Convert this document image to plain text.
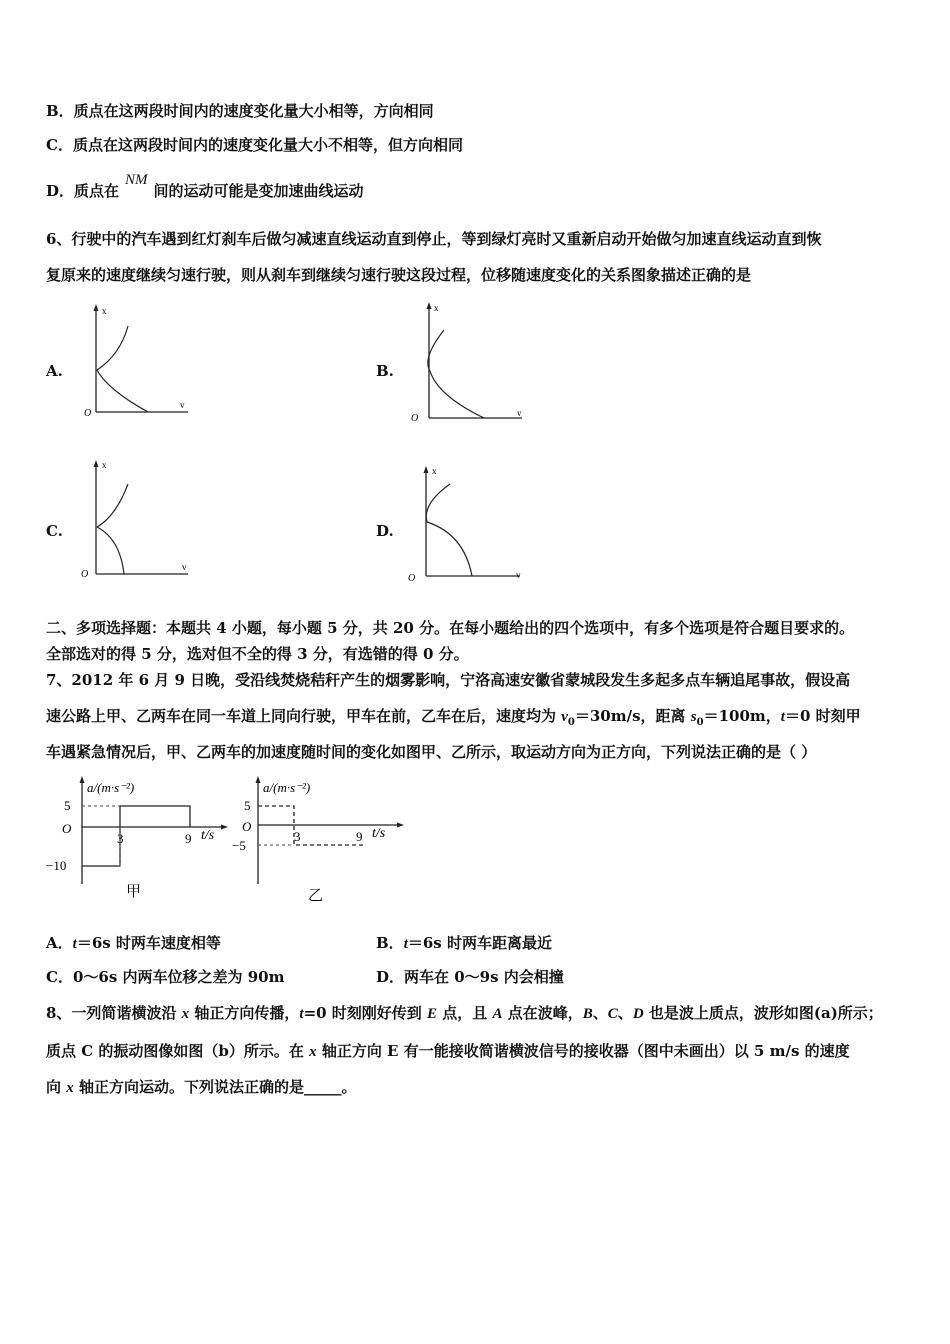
B．质点在这两段时间内的速度变化量大小相等，方向相同
C．质点在这两段时间内的速度变化量大小不相等，但方向相同
D．质点在NM间的运动可能是变加速曲线运动
6、行驶中的汽车遇到红灯刹车后做匀减速直线运动直到停止，等到绿灯亮时又重新启动开始做匀加速直线运动直到恢
复原来的速度继续匀速行驶，则从刹车到继续匀速行驶这段过程，位移随速度变化的关系图象描述正确的是
A.
x
v
O
B.
x
v
O
C.
x
v
O
D.
x
v
O
二、多项选择题：本题共 4 小题，每小题 5 分，共 20 分。在每小题给出的四个选项中，有多个选项是符合题目要求的。
全部选对的得 5 分，选对但不全的得 3 分，有选错的得 0 分。
7、2012 年 6 月 9 日晚，受沿线焚烧秸秆产生的烟雾影响，宁洛高速安徽省蒙城段发生多起多点车辆追尾事故，假设高
速公路上甲、乙两车在同一车道上同向行驶，甲车在前，乙车在后，速度均为 $v_0=30m/s$，距离 $s_0=100m$，t＝0 时刻甲
车遇紧急情况后，甲、乙两车的加速度随时间的变化如图甲、乙所示，取运动方向为正方向，下列说法正确的是（ ）
a/(m·s⁻²)
5
O
−10
3	9 t/s
甲
a/(m·s⁻²)
5
O
−5
3	9 t/s
乙
A．t＝6s 时两车速度相等	B．t＝6s 时两车距离最近
C．0～6s 内两车位移之差为 90m	D．两车在 0～9s 内会相撞
8、一列简谐横波沿 x 轴正方向传播，t=0 时刻刚好传到 E 点，且 A 点在波峰，B、C、D 也是波上质点，波形如图(a)所示；
质点 C 的振动图像如图（b）所示。在 x 轴正方向 E 有一能接收简谐横波信号的接收器（图中未画出）以 5 m/s 的速度
向 x 轴正方向运动。下列说法正确的是_____。
